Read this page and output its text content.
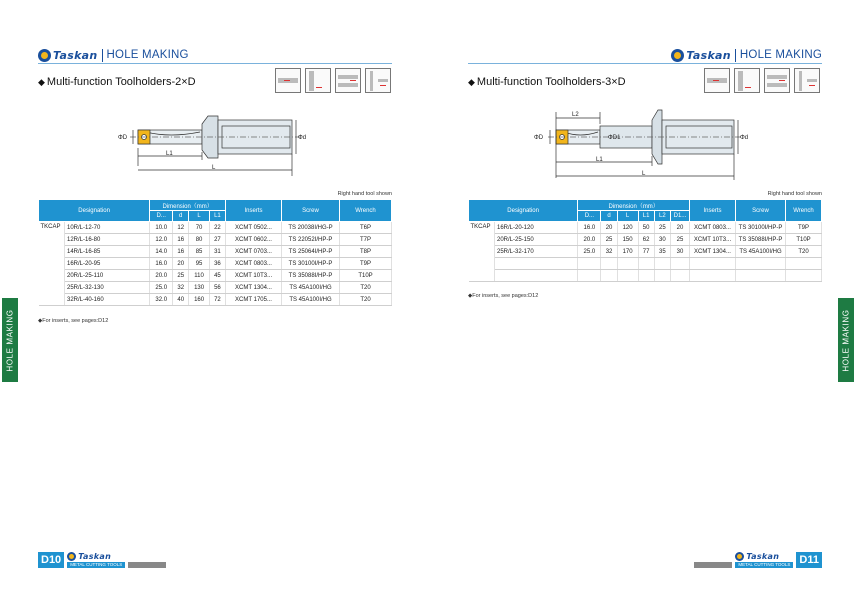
Taskan HOLE MAKING
◆ Multi-function Toolholders-2×D
ΦD	Φd
L1
L
Right hand tool shown
Designation		Dimension（mm）				Inserts	Screw	Wrench
		D...	d	L	L1			
TKCAP	10R/L-12-70	10.0	12	70	22	XCMT 0502...	TS 20038I/HG-P	T6P
	12R/L-16-80	12.0	16	80	27	XCMT 0602...	TS 22052I/HP-P	T7P
	14R/L-16-85	14.0	16	85	31	XCMT 0703...	TS 25064I/HP-P	T8P
	16R/L-20-95	16.0	20	95	36	XCMT 0803...	TS 30100I/HP-P	T9P
	20R/L-25-110	20.0	25	110	45	XCMT 10T3...	TS 35088I/HP-P	T10P
	25R/L-32-130	25.0	32	130	56	XCMT 1304...	TS 45A100I/HG	T20
	32R/L-40-160	32.0	40	160	72	XCMT 1705...	TS 45A100I/HG	T20
◆For inserts, see pages:D12
HOLE MAKING
D10	Taskan
METAL CUTTING TOOLS
Taskan HOLE MAKING
◆ Multi-function Toolholders-3×D
ΦD	ΦD1	Φd
L2
L1
L
Right hand tool shown
Designation		Dimension（mm）						Inserts	Screw	Wrench
		D...	d	L	L1	L2	D1...			
TKCAP	16R/L-20-120	16.0	20	120	50	25	20	XCMT 0803...	TS 30100I/HP-P	T9P
	20R/L-25-150	20.0	25	150	62	30	25	XCMT 10T3...	TS 35088I/HP-P	T10P
	25R/L-32-170	25.0	32	170	77	35	30	XCMT 1304...	TS 45A100I/HG	T20

◆For inserts, see pages:D12
HOLE MAKING
Taskan
METAL CUTTING TOOLS D11
